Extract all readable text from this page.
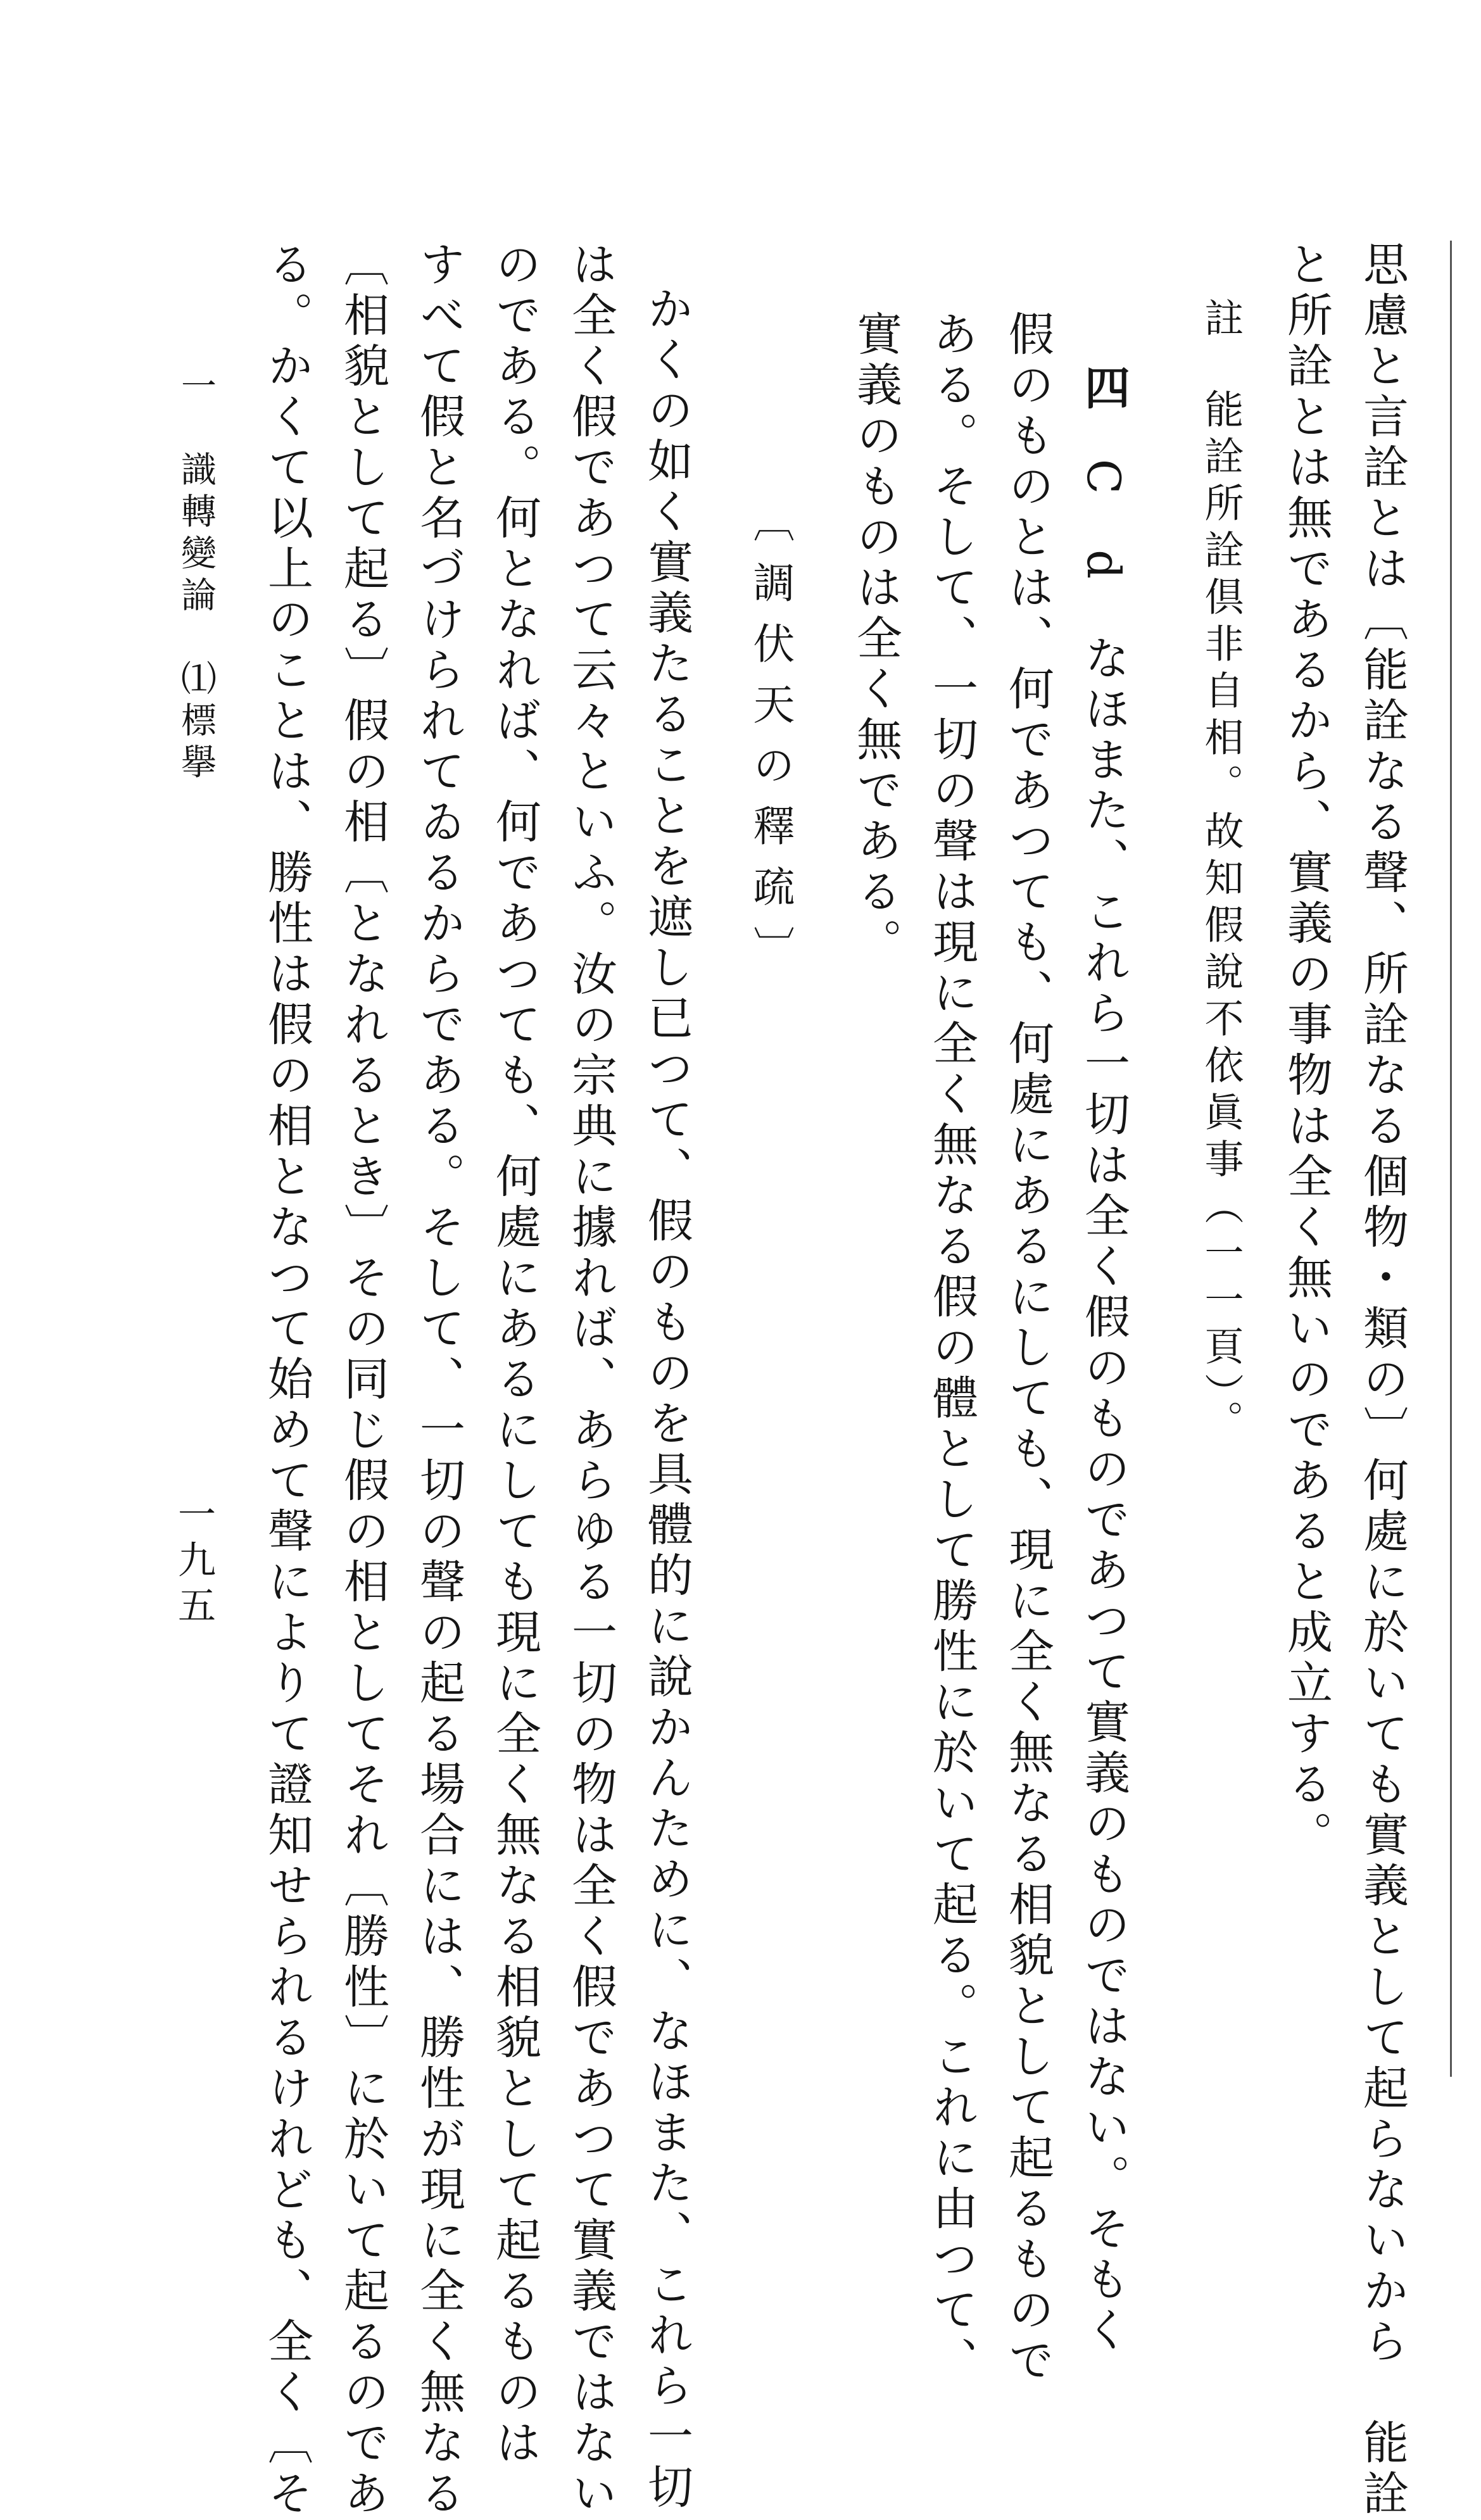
思慮と言詮とは〔能詮なる聲、所詮なる個物・類の〕何處に於いても實義として起らないから　能詮
と所詮とは無であるから、實義の事物は全く無いのであると成立する。
註能詮所詮倶非自相。故知假說不依眞事（一一頁）。
四C　d　なほまた、これら一切は全く假のものであつて實義のものではない。そもく
假のものとは、何であつても、何處にあるにしても、現に全く無なる相貌として起るもので
ある。そして、一切の聲は現に全く無なる假の體として勝性に於いて起る。これに由つて、
實義のものは全く無である。
〔調伏天の釋疏〕
かくの如く實義たることを遮し已つて、假のものを具體的に說かんために、なほまた、これら一切
は全く假であつて云々といふ。汝の宗典に據れば、あらゆる一切の物は全く假であつて實義ではない
のである。何となれば、何であつても、何處にあるにしても現に全く無なる相貌として起るものは
すべて假と名づけられてゐるからである。そして、一切の聲の起る場合には、勝性が現に全く無なる
〔相貌として起る〕假の相〔となれるとき〕その同じ假の相としてそれ〔勝性〕に於いて起るのであ
る。かくて以上のことは、勝性は假の相となつて始めて聲によりて證知せられるけれども、全く〔そ
一　識轉變論　⑴標擧
一九五
